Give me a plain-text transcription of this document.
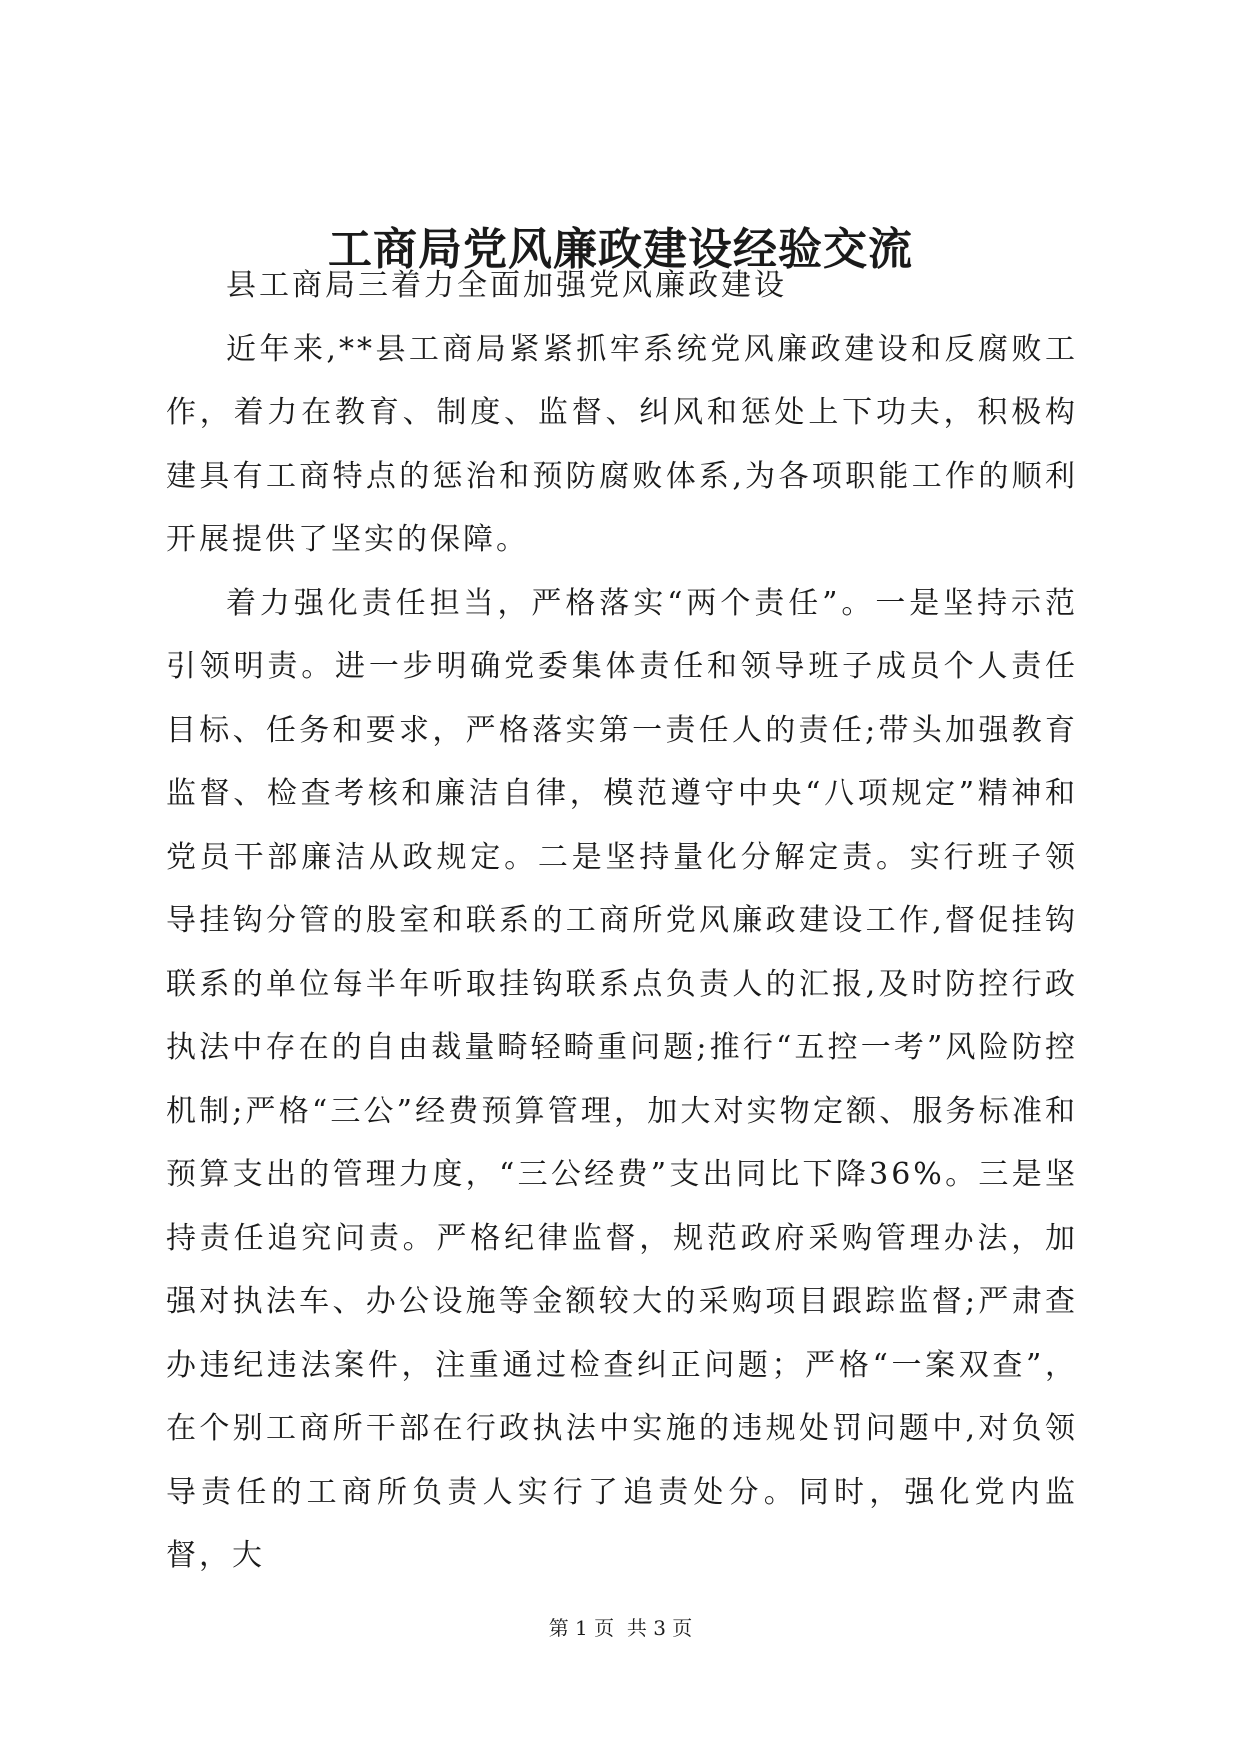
工商局党风廉政建设经验交流

县工商局三着力全面加强党风廉政建设

近年来,**县工商局紧紧抓牢系统党风廉政建设和反腐败工作，着力在教育、制度、监督、纠风和惩处上下功夫，积极构建具有工商特点的惩治和预防腐败体系,为各项职能工作的顺利开展提供了坚实的保障。

着力强化责任担当，严格落实“两个责任”。一是坚持示范引领明责。进一步明确党委集体责任和领导班子成员个人责任目标、任务和要求，严格落实第一责任人的责任;带头加强教育监督、检查考核和廉洁自律，模范遵守中央“八项规定”精神和党员干部廉洁从政规定。二是坚持量化分解定责。实行班子领导挂钩分管的股室和联系的工商所党风廉政建设工作,督促挂钩联系的单位每半年听取挂钩联系点负责人的汇报,及时防控行政执法中存在的自由裁量畸轻畸重问题;推行“五控一考”风险防控机制;严格“三公”经费预算管理，加大对实物定额、服务标准和预算支出的管理力度，“三公经费”支出同比下降36%。三是坚持责任追究问责。严格纪律监督，规范政府采购管理办法，加强对执法车、办公设施等金额较大的采购项目跟踪监督;严肃查办违纪违法案件，注重通过检查纠正问题；严格“一案双查”，在个别工商所干部在行政执法中实施的违规处罚问题中,对负领导责任的工商所负责人实行了追责处分。同时，强化党内监督，大

第 1 页  共 3 页
